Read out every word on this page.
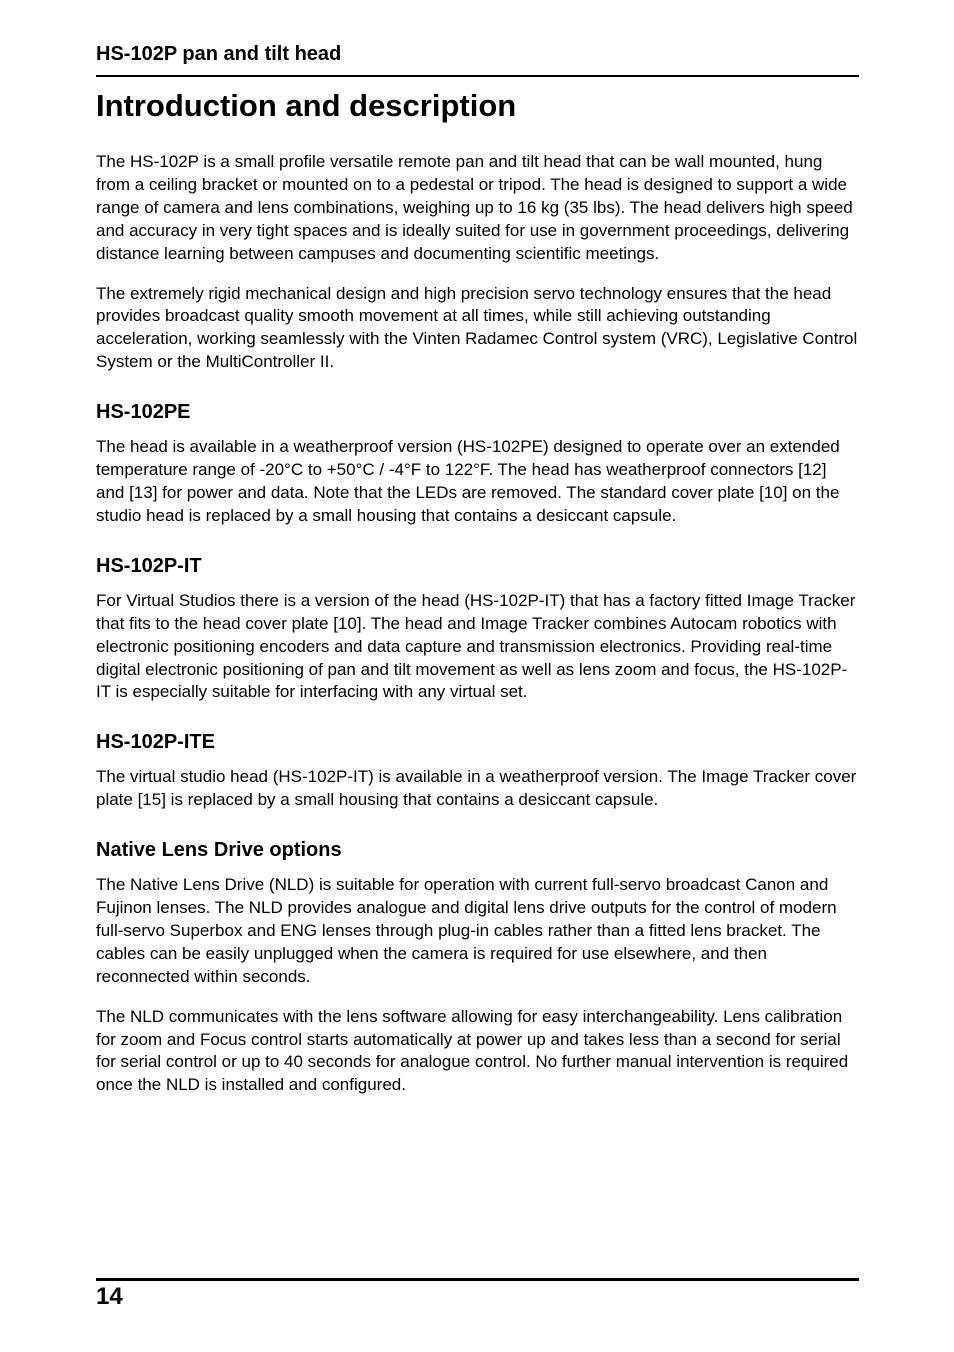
HS-102P pan and tilt head
Introduction and description

The HS-102P is a small profile versatile remote pan and tilt head that can be wall mounted, hung from a ceiling bracket or mounted on to a pedestal or tripod. The head is designed to support a wide range of camera and lens combinations, weighing up to 16 kg (35 lbs). The head delivers high speed and accuracy in very tight spaces and is ideally suited for use in government proceedings, delivering distance learning between campuses and documenting scientific meetings.

The extremely rigid mechanical design and high precision servo technology ensures that the head provides broadcast quality smooth movement at all times, while still achieving outstanding acceleration, working seamlessly with the Vinten Radamec Control system (VRC), Legislative Control System or the MultiController II.

HS-102PE

The head is available in a weatherproof version (HS-102PE) designed to operate over an extended temperature range of -20°C to +50°C / -4°F to 122°F. The head has weatherproof connectors [12] and [13] for power and data. Note that the LEDs are removed. The standard cover plate [10] on the studio head is replaced by a small housing that contains a desiccant capsule.

HS-102P-IT

For Virtual Studios there is a version of the head (HS-102P-IT) that has a factory fitted Image Tracker that fits to the head cover plate [10]. The head and Image Tracker combines Autocam robotics with electronic positioning encoders and data capture and transmission electronics. Providing real-time digital electronic positioning of pan and tilt movement as well as lens zoom and focus, the HS-102P-IT is especially suitable for interfacing with any virtual set.

HS-102P-ITE

The virtual studio head (HS-102P-IT) is available in a weatherproof version. The Image Tracker cover plate [15] is replaced by a small housing that contains a desiccant capsule.

Native Lens Drive options

The Native Lens Drive (NLD) is suitable for operation with current full-servo broadcast Canon and Fujinon lenses. The NLD provides analogue and digital lens drive outputs for the control of modern full-servo Superbox and ENG lenses through plug-in cables rather than a fitted lens bracket. The cables can be easily unplugged when the camera is required for use elsewhere, and then reconnected within seconds.

The NLD communicates with the lens software allowing for easy interchangeability. Lens calibration for zoom and Focus control starts automatically at power up and takes less than a second for serial for serial control or up to 40 seconds for analogue control. No further manual intervention is required once the NLD is installed and configured.

14
